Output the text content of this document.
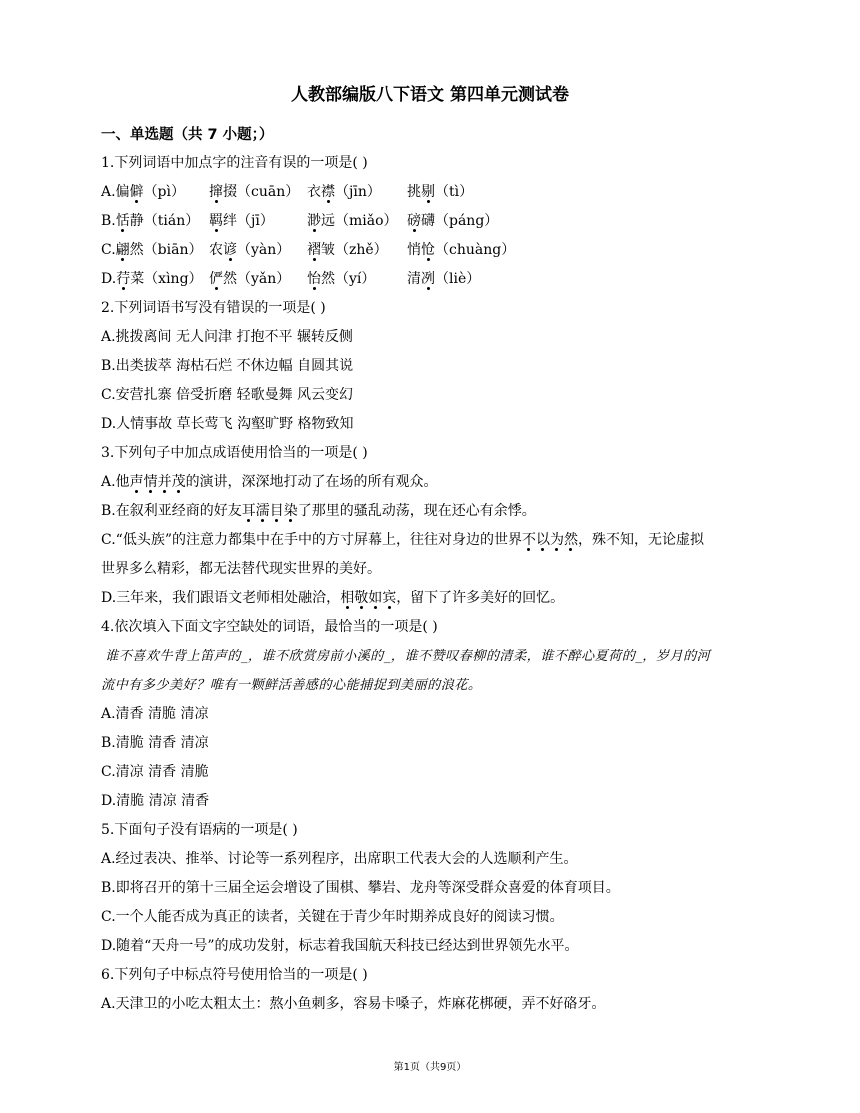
人教部编版八下语文 第四单元测试卷
一、单选题（共 7 小题；）
1.下列词语中加点字的注音有误的一项是( )
A.偏僻（pì） 撺掇（cuān） 衣襟（jīn） 挑剔（tì）
B.恬静（tián） 羁绊（jī） 渺远（miǎo） 磅礴（páng）
C.翩然（biān） 农谚（yàn） 褶皱（zhě） 悄怆（chuàng）
D.荇菜（xìng） 俨然（yǎn） 怡然（yí） 清冽（liè）
2.下列词语书写没有错误的一项是( )
A.挑拨离间 无人问津 打抱不平 辗转反侧
B.出类拔萃 海枯石烂 不休边幅 自圆其说
C.安营扎寨 倍受折磨 轻歌曼舞 风云变幻
D.人情事故 草长莺飞 沟壑旷野 格物致知
3.下列句子中加点成语使用恰当的一项是( )
A.他声情并茂的演讲，深深地打动了在场的所有观众。
B.在叙利亚经商的好友耳濡目染了那里的骚乱动荡，现在还心有余悸。
C.“低头族”的注意力都集中在手中的方寸屏幕上，往往对身边的世界不以为然，殊不知，无论虚拟
世界多么精彩，都无法替代现实世界的美好。
D.三年来，我们跟语文老师相处融洽，相敬如宾，留下了许多美好的回忆。
4.依次填入下面文字空缺处的词语，最恰当的一项是( )
谁不喜欢牛背上笛声的_，谁不欣赏房前小溪的_，谁不赞叹春柳的清柔，谁不醉心夏荷的_，岁月的河
流中有多少美好？唯有一颗鲜活善感的心能捕捉到美丽的浪花。
A.清香 清脆 清凉
B.清脆 清香 清凉
C.清凉 清香 清脆
D.清脆 清凉 清香
5.下面句子没有语病的一项是( )
A.经过表决、推举、讨论等一系列程序，出席职工代表大会的人选顺利产生。
B.即将召开的第十三届全运会增设了围棋、攀岩、龙舟等深受群众喜爱的体育项目。
C.一个人能否成为真正的读者，关键在于青少年时期养成良好的阅读习惯。
D.随着“天舟一号”的成功发射，标志着我国航天科技已经达到世界领先水平。
6.下列句子中标点符号使用恰当的一项是( )
A.天津卫的小吃太粗太土：熬小鱼刺多，容易卡嗓子，炸麻花梆硬，弄不好硌牙。
第1页（共9页）
